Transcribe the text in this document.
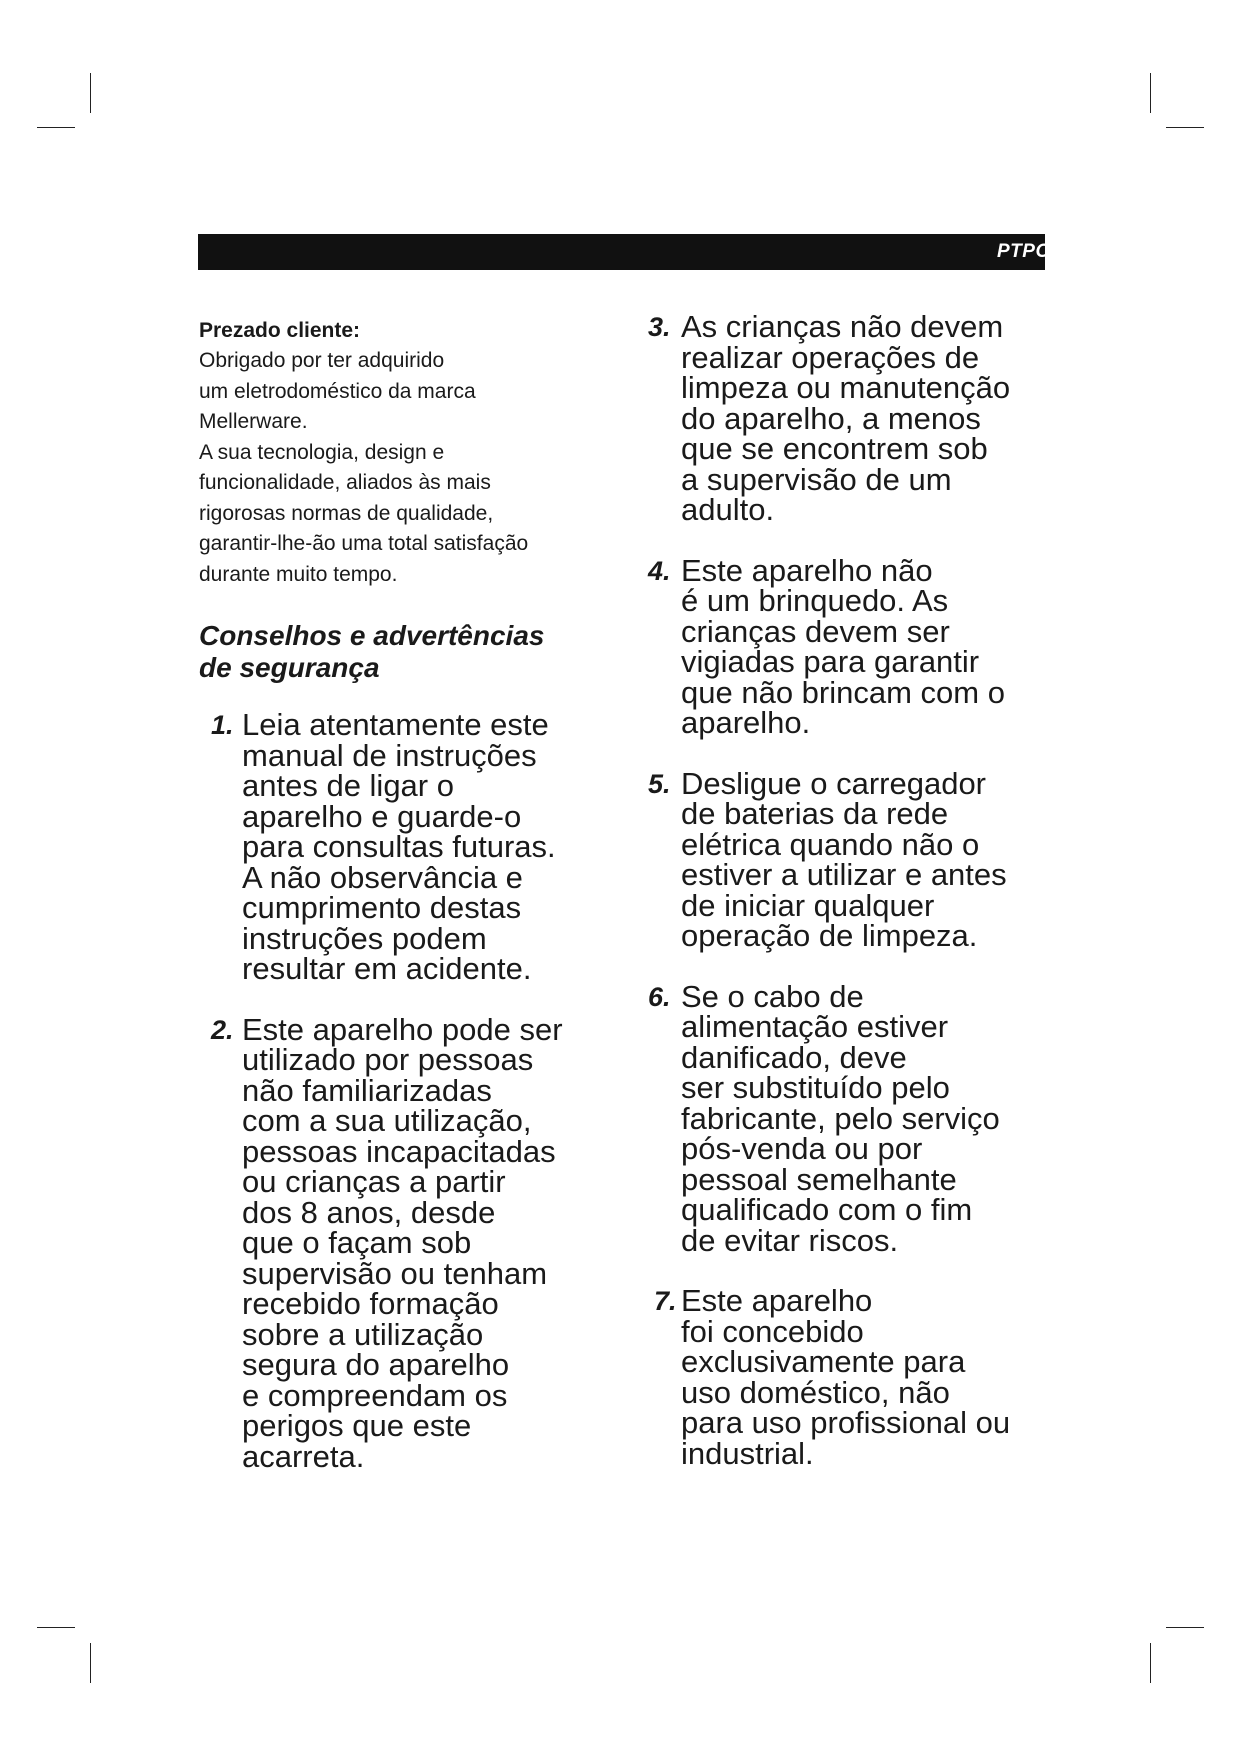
PTPO
Prezado cliente:

Obrigado por ter adquirido

um eletrodoméstico da marca

Mellerware.

A sua tecnologia, design e

funcionalidade, aliados às mais

rigorosas normas de qualidade,

garantir-lhe-ão uma total satisfação

durante muito tempo.

Conselhos e advertências
de segurança
1. Leia atentamente este
manual de instruções
antes de ligar o
aparelho e guarde-o
para consultas futuras.
A não observância e
cumprimento destas
instruções podem
resultar em acidente.
2. Este aparelho pode ser
utilizado por pessoas
não familiarizadas
com a sua utilização,
pessoas incapacitadas
ou crianças a partir
dos 8 anos, desde
que o façam sob
supervisão ou tenham
recebido formação
sobre a utilização
segura do aparelho
e compreendam os
perigos que este
acarreta.
3. As crianças não devem
realizar operações de
limpeza ou manutenção
do aparelho, a menos
que se encontrem sob
a supervisão de um
adulto.
4. Este aparelho não
é um brinquedo. As
crianças devem ser
vigiadas para garantir
que não brincam com o
aparelho.
5. Desligue o carregador
de baterias da rede
elétrica quando não o
estiver a utilizar e antes
de iniciar qualquer
operação de limpeza.
6. Se o cabo de
alimentação estiver
danificado, deve
ser substituído pelo
fabricante, pelo serviço
pós-venda ou por
pessoal semelhante
qualificado com o fim
de evitar riscos.
7. Este aparelho
foi concebido
exclusivamente para
uso doméstico, não
para uso profissional ou
industrial.
